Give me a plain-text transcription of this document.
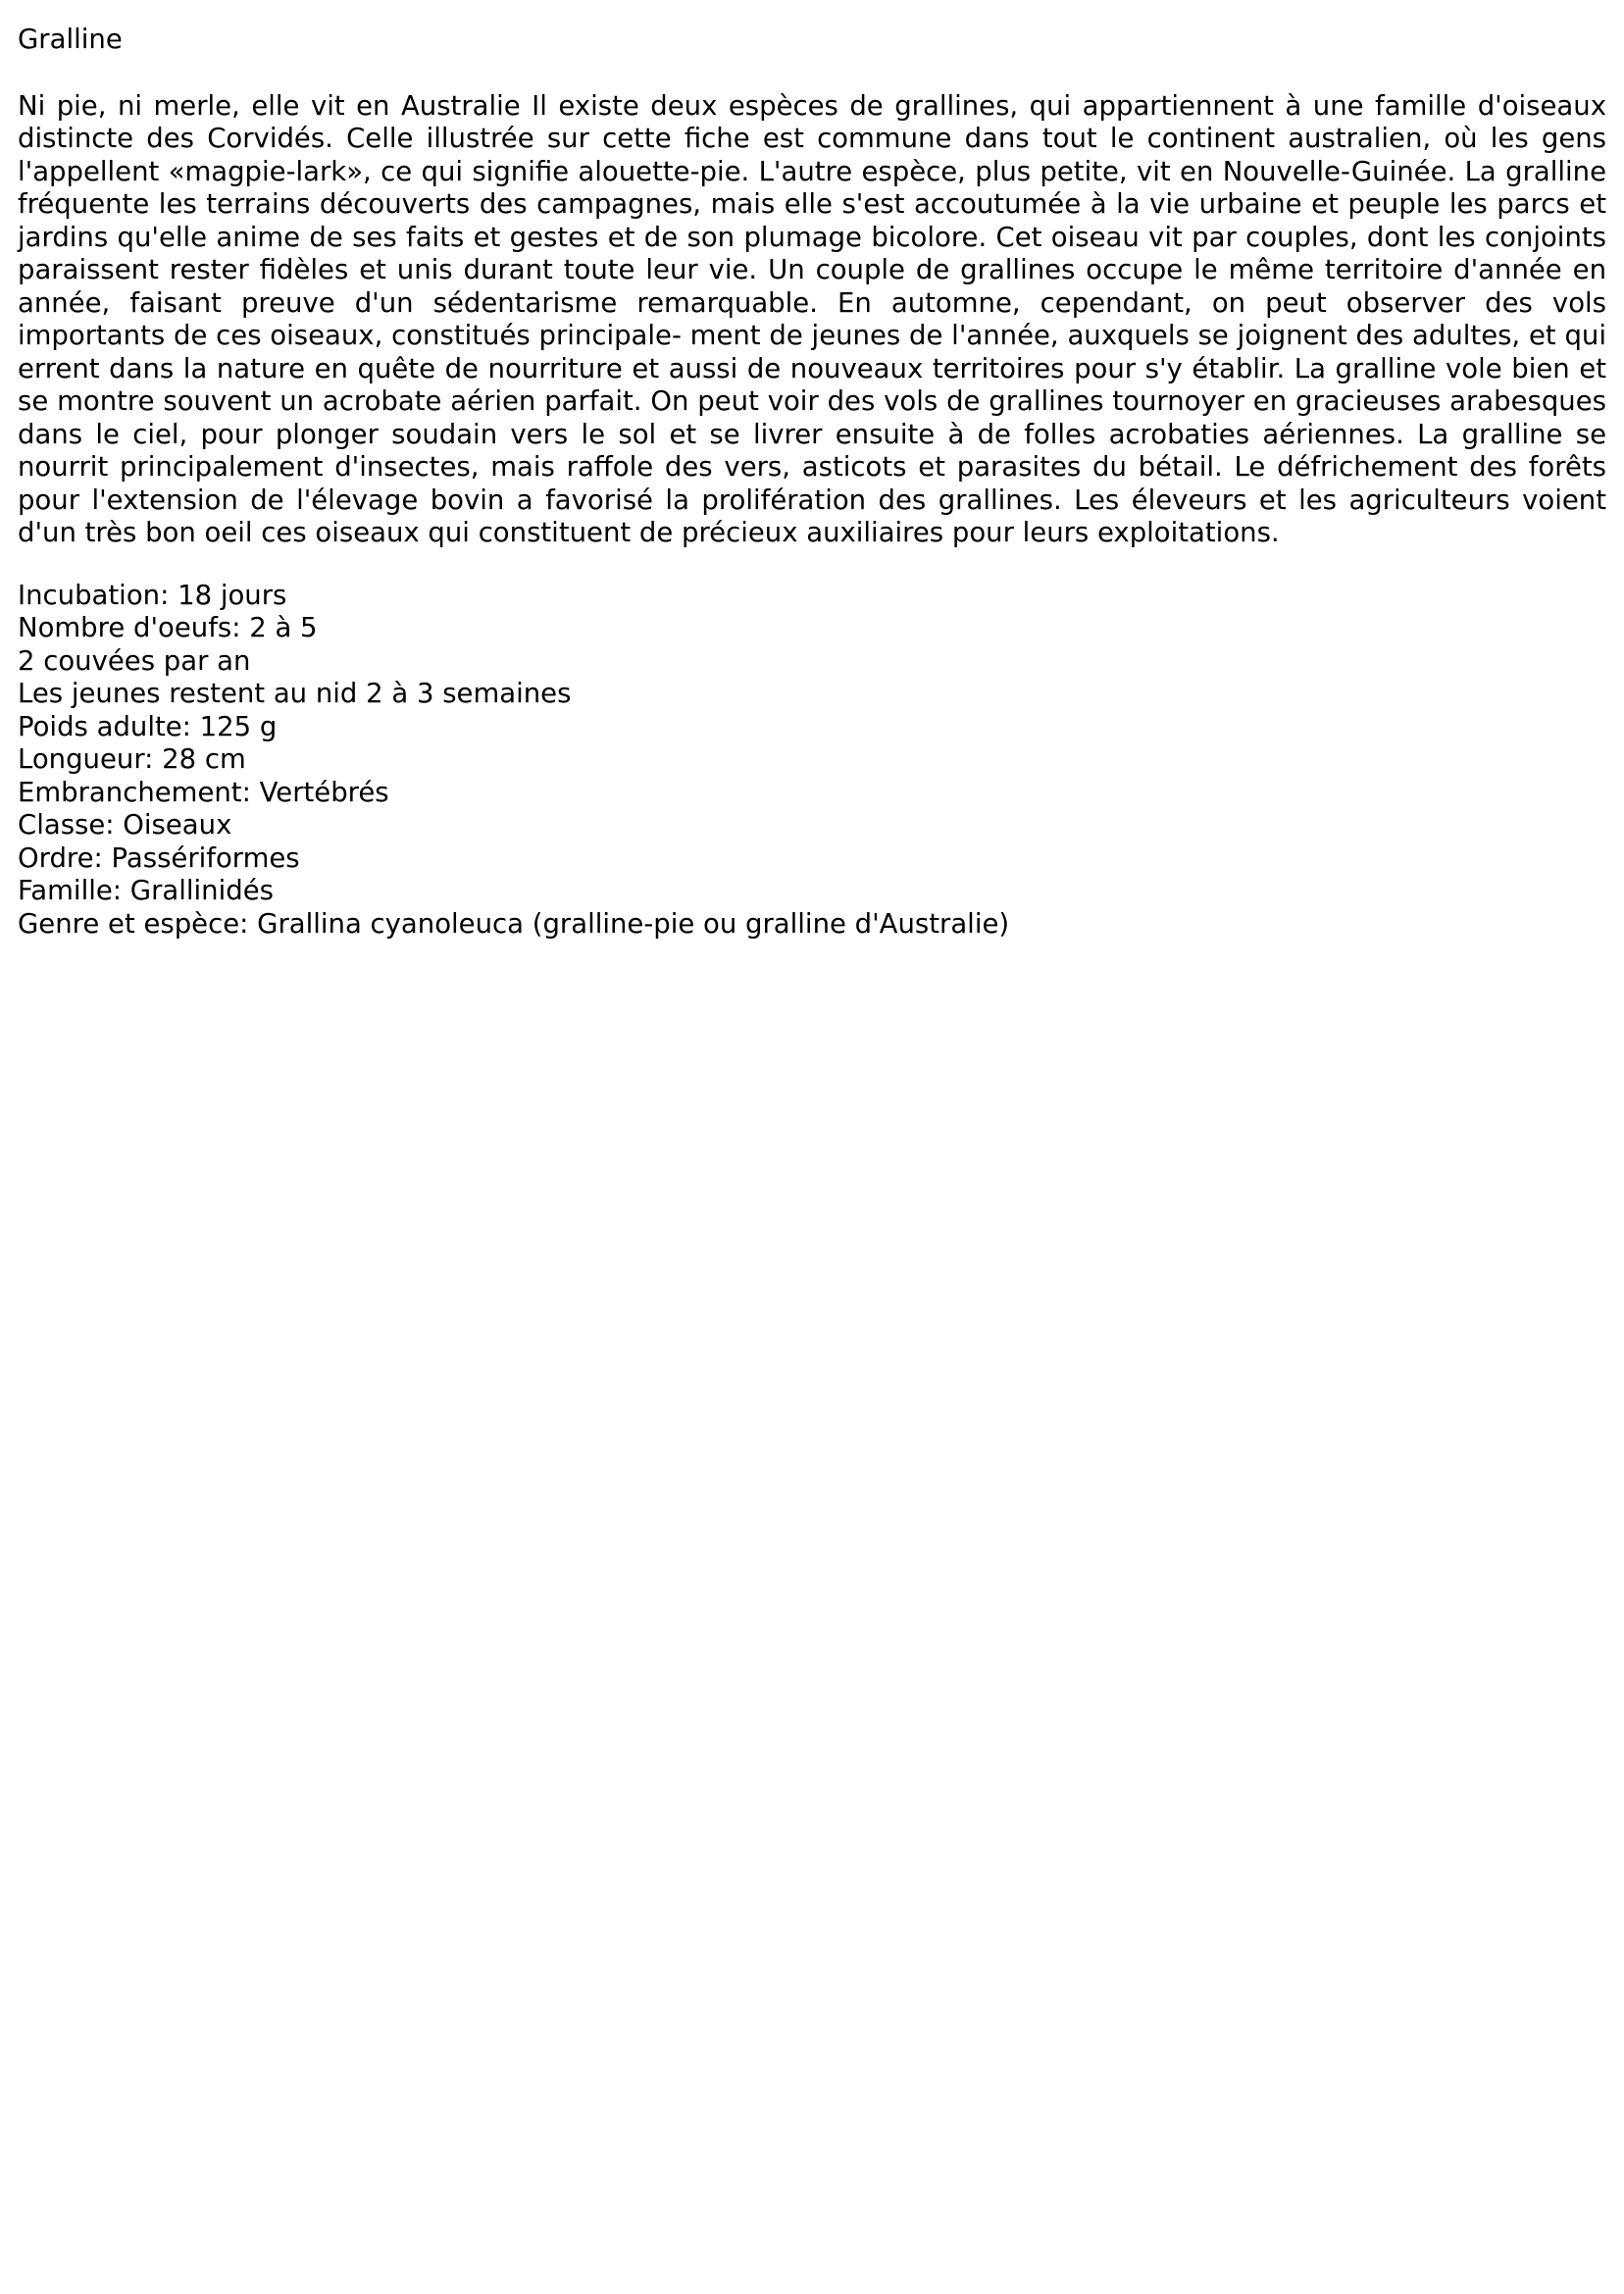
Gralline

Ni pie, ni merle, elle vit en Australie Il existe deux espèces de grallines, qui appartiennent à une famille d'oiseaux distincte des Corvidés. Celle illustrée sur cette fiche est commune dans tout le continent australien, où les gens l'appellent «magpie-lark», ce qui signifie alouette-pie. L'autre espèce, plus petite, vit en Nouvelle-Guinée. La gralline fréquente les terrains découverts des campagnes, mais elle s'est accoutumée à la vie urbaine et peuple les parcs et jardins qu'elle anime de ses faits et gestes et de son plumage bicolore. Cet oiseau vit par couples, dont les conjoints paraissent rester fidèles et unis durant toute leur vie. Un couple de grallines occupe le même territoire d'année en année, faisant preuve d'un sédentarisme remarquable. En automne, cependant, on peut observer des vols importants de ces oiseaux, constitués principale- ment de jeunes de l'année, auxquels se joignent des adultes, et qui errent dans la nature en quête de nourriture et aussi de nouveaux territoires pour s'y établir. La gralline vole bien et se montre souvent un acrobate aérien parfait. On peut voir des vols de grallines tournoyer en gracieuses arabesques dans le ciel, pour plonger soudain vers le sol et se livrer ensuite à de folles acrobaties aériennes. La gralline se nourrit principalement d'insectes, mais raffole des vers, asticots et parasites du bétail. Le défrichement des forêts pour l'extension de l'élevage bovin a favorisé la prolifération des grallines. Les éleveurs et les agriculteurs voient d'un très bon oeil ces oiseaux qui constituent de précieux auxiliaires pour leurs exploitations.

Incubation: 18 jours
Nombre d'oeufs: 2 à 5
2 couvées par an
Les jeunes restent au nid 2 à 3 semaines
Poids adulte: 125 g
Longueur: 28 cm
Embranchement: Vertébrés
Classe: Oiseaux
Ordre: Passériformes
Famille: Grallinidés
Genre et espèce: Grallina cyanoleuca (gralline-pie ou gralline d'Australie)
